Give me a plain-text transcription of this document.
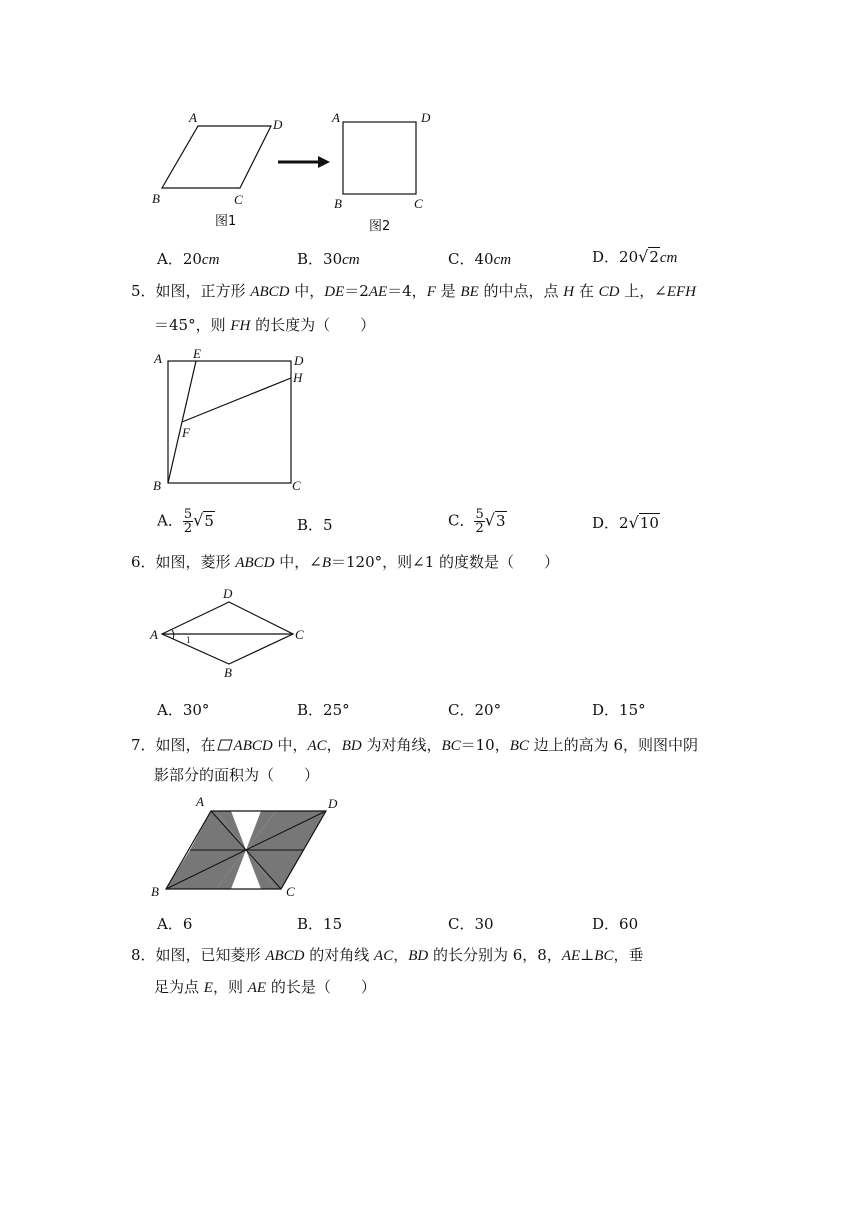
A	D
B	C
图1
A	D
B	C
图2
A．20cm	B．30cm	C．40cm	D．20√2cm
5．如图，正方形 ABCD 中，DE＝2AE＝4，F 是 BE 的中点，点 H 在 CD 上，∠EFH
＝45°，则 FH 的长度为（　　）
A E	D
H
F
B	C
A． $\frac{5}{2} √5$	B．5	C． $\frac{5}{2} √3$	D．2√10
6．如图，菱形 ABCD 中，∠B＝120°，则∠1 的度数是（　　）
A
D
C
B
1
A．30°	B．25°	C．20°	D．15°
7．如图，在 ABCD 中，AC，BD 为对角线，BC＝10，BC 边上的高为 6，则图中阴
影部分的面积为（　　）
A	D
B	C
A．6	B．15	C．30	D．60
8．如图，已知菱形 ABCD 的对角线 AC，BD 的长分别为 6，8，AE⊥BC，垂
足为点 E，则 AE 的长是（　　）
